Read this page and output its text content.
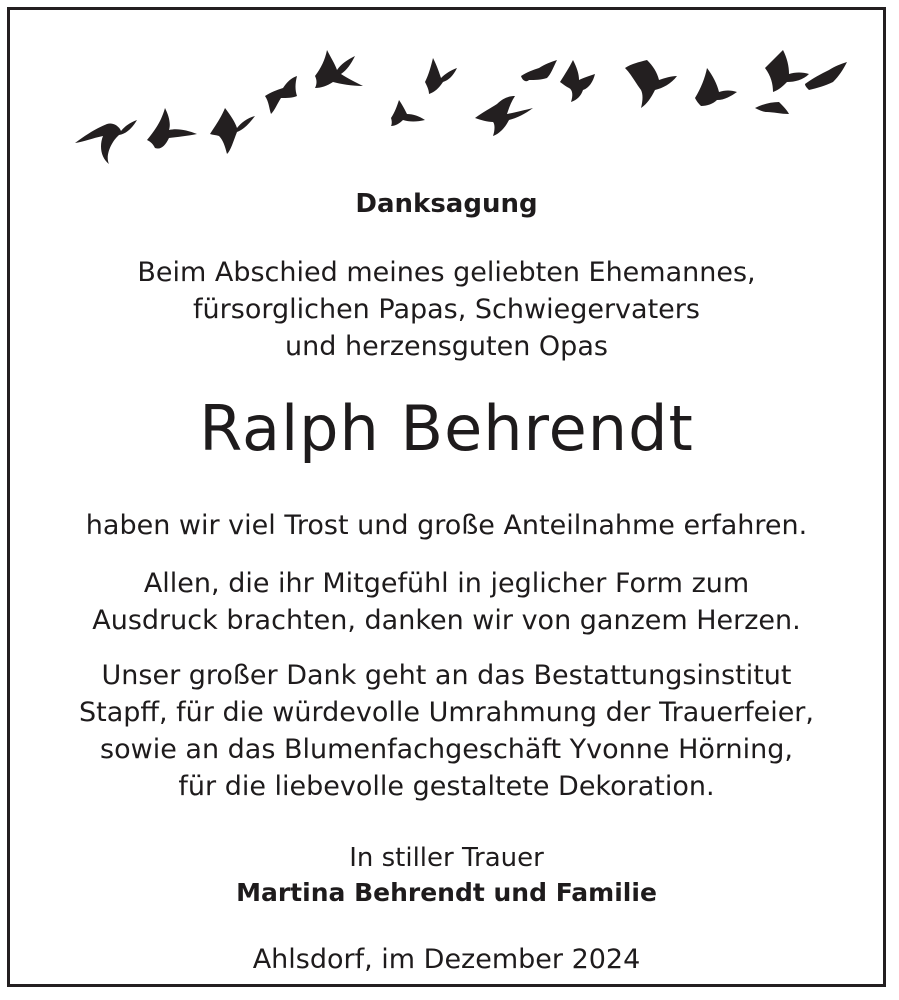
Danksagung
Beim Abschied meines geliebten Ehemannes,
fürsorglichen Papas, Schwiegervaters
und herzensguten Opas
Ralph Behrendt
haben wir viel Trost und große Anteilnahme erfahren.
Allen, die ihr Mitgefühl in jeglicher Form zum
Ausdruck brachten, danken wir von ganzem Herzen.
Unser großer Dank geht an das Bestattungsinstitut
Stapff, für die würdevolle Umrahmung der Trauerfeier,
sowie an das Blumenfachgeschäft Yvonne Hörning,
für die liebevolle gestaltete Dekoration.
In stiller Trauer
Martina Behrendt und Familie
Ahlsdorf, im Dezember 2024
